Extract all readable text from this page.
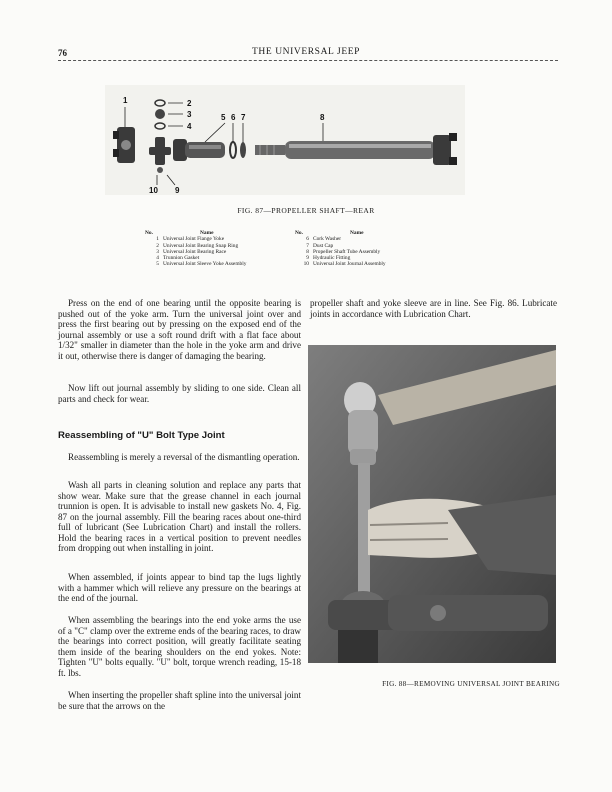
76	THE UNIVERSAL JEEP
1	2
3
4
5 6 7	8
9
10
FIG. 87—PROPELLER SHAFT—REAR
No.	Name
1 Universal Joint Flange Yoke
2 Universal Joint Bearing Snap Ring
3 Universal Joint Bearing Race
4 Trunnion Gasket
5 Universal Joint Sleeve Yoke Assembly
No.	Name
6 Cork Washer
7 Dust Cap
8 Propeller Shaft Tube Assembly
9 Hydraulic Fitting
10 Universal Joint Journal Assembly
Press on the end of one bearing until the opposite bearing is pushed out of the yoke arm. Turn the universal joint over and press the first bearing out by pressing on the exposed end of the journal assembly or use a soft round drift with a flat face about 1/32" smaller in diameter than the hole in the yoke arm and drive it out, otherwise there is danger of damaging the bearing.
Now lift out journal assembly by sliding to one side. Clean all parts and check for wear.
Reassembling of "U" Bolt Type Joint
Reassembling is merely a reversal of the dismantling operation.
Wash all parts in cleaning solution and replace any parts that show wear. Make sure that the grease channel in each journal trunnion is open. It is advisable to install new gaskets No. 4, Fig. 87 on the journal assembly. Fill the bearing races about one-third full of lubricant (See Lubrication Chart) and install the rollers. Hold the bearing races in a vertical position to prevent needles from dropping out when installing in joint.
When assembled, if joints appear to bind tap the lugs lightly with a hammer which will relieve any pressure on the bearings at the end of the journal.
When assembling the bearings into the end yoke arms the use of a "C" clamp over the extreme ends of the bearing races, to draw the bearings into correct position, will greatly facilitate seating them inside of the bearing shoulders on the end yokes. Note: Tighten "U" bolts equally. "U" bolt, torque wrench reading, 15-18 ft. lbs.
When inserting the propeller shaft spline into the universal joint be sure that the arrows on the
propeller shaft and yoke sleeve are in line. See Fig. 86. Lubricate joints in accordance with Lubrication Chart.
FIG. 88—REMOVING UNIVERSAL JOINT BEARING
